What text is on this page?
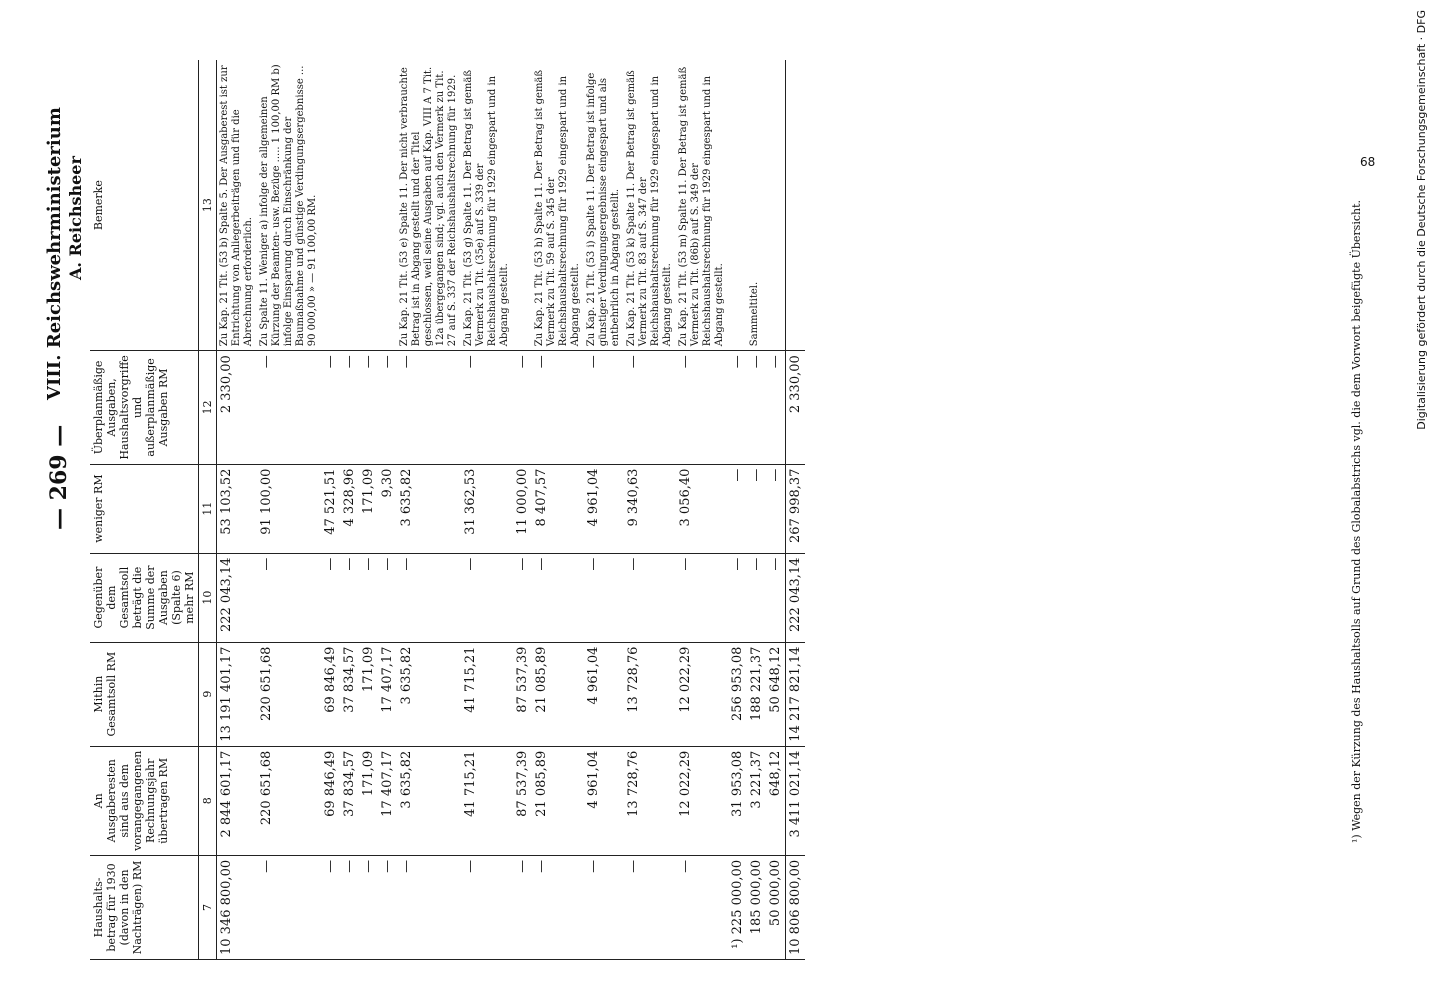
— 269 —
VIII. Reichswehrministerium A. Reichsheer
Haushalts-betrag für 1930 (davon in den Nachträgen) RM	An Ausgaberesten sind aus dem vorangegangenen Rechnungsjahr übertragen RM	Mithin Gesamtsoll RM	Gegenüber dem Gesamtsoll beträgt die Summe der Ausgaben (Spalte 6) mehr RM	weniger RM	Überplanmäßige Ausgaben, Haushaltsvorgriffe und außerplanmäßige Ausgaben RM	Bemerke
7	8	9	10	11	12	13
10 346 800,00	2 844 601,17	13 191 401,17	222 043,14	53 103,52	2 330,00	Zu Kap. 21 Tit. (53 b) Spalte 5. Der Ausgaberest ist zur Entrichtung von Anliegerbeiträgen und für die Abrechnung erforderlich.
—	220 651,68	220 651,68	—	91 100,00	—	Zu Spalte 11. Weniger a) infolge der allgemeinen Kürzung der Beamten- usw. Bezüge ..... 1 100,00 RM b) infolge Einsparung durch Einschränkung der Baumaßnahme und günstige Verdingungsergebnisse ... 90 000,00 » — 91 100,00 RM.
—	69 846,49	69 846,49	—	47 521,51	—	
—	37 834,57	37 834,57	—	4 328,96	—	
—	171,09	171,09	—	171,09	—	
—	17 407,17	17 407,17	—	9,30	—	
—	3 635,82	3 635,82	—	3 635,82	—	Zu Kap. 21 Tit. (53 e) Spalte 11. Der nicht verbrauchte Betrag ist in Abgang gestellt und der Titel geschlossen, weil seine Ausgaben auf Kap. VIII A 7 Tit. 12a übergegangen sind; vgl. auch den Vermerk zu Tit. 27 auf S. 337 der Reichshaushaltsrechnung für 1929.
—	41 715,21	41 715,21	—	31 362,53	—	Zu Kap. 21 Tit. (53 g) Spalte 11. Der Betrag ist gemäß Vermerk zu Tit. (35e) auf S. 339 der Reichshaushaltsrechnung für 1929 eingespart und in Abgang gestellt.
—	87 537,39	87 537,39	—	11 000,00	—	
—	21 085,89	21 085,89	—	8 407,57	—	Zu Kap. 21 Tit. (53 h) Spalte 11. Der Betrag ist gemäß Vermerk zu Tit. 59 auf S. 345 der Reichshaushaltsrechnung für 1929 eingespart und in Abgang gestellt.
—	4 961,04	4 961,04	—	4 961,04	—	Zu Kap. 21 Tit. (53 i) Spalte 11. Der Betrag ist infolge günstiger Verdingungsergebnisse eingespart und als entbehrlich in Abgang gestellt.
—	13 728,76	13 728,76	—	9 340,63	—	Zu Kap. 21 Tit. (53 k) Spalte 11. Der Betrag ist gemäß Vermerk zu Tit. 83 auf S. 347 der Reichshaushaltsrechnung für 1929 eingespart und in Abgang gestellt.
—	12 022,29	12 022,29	—	3 056,40	—	Zu Kap. 21 Tit. (53 m) Spalte 11. Der Betrag ist gemäß Vermerk zu Tit. (86b) auf S. 349 der Reichshaushaltsrechnung für 1929 eingespart und in Abgang gestellt.
¹) 225 000,00	31 953,08	256 953,08	—	—	—	
185 000,00	3 221,37	188 221,37	—	—	—	Sammeltitel.
50 000,00	648,12	50 648,12	—	—	—	
10 806 800,00	3 411 021,14	14 217 821,14	222 043,14	267 998,37	2 330,00		¹) Wegen der Kürzung des Haushaltsolls auf Grund des Globalabstrichs vgl. die dem Vorwort beigefügte Übersicht.
68	Digitalisierung gefördert durch die Deutsche Forschungsgemeinschaft · DFG
